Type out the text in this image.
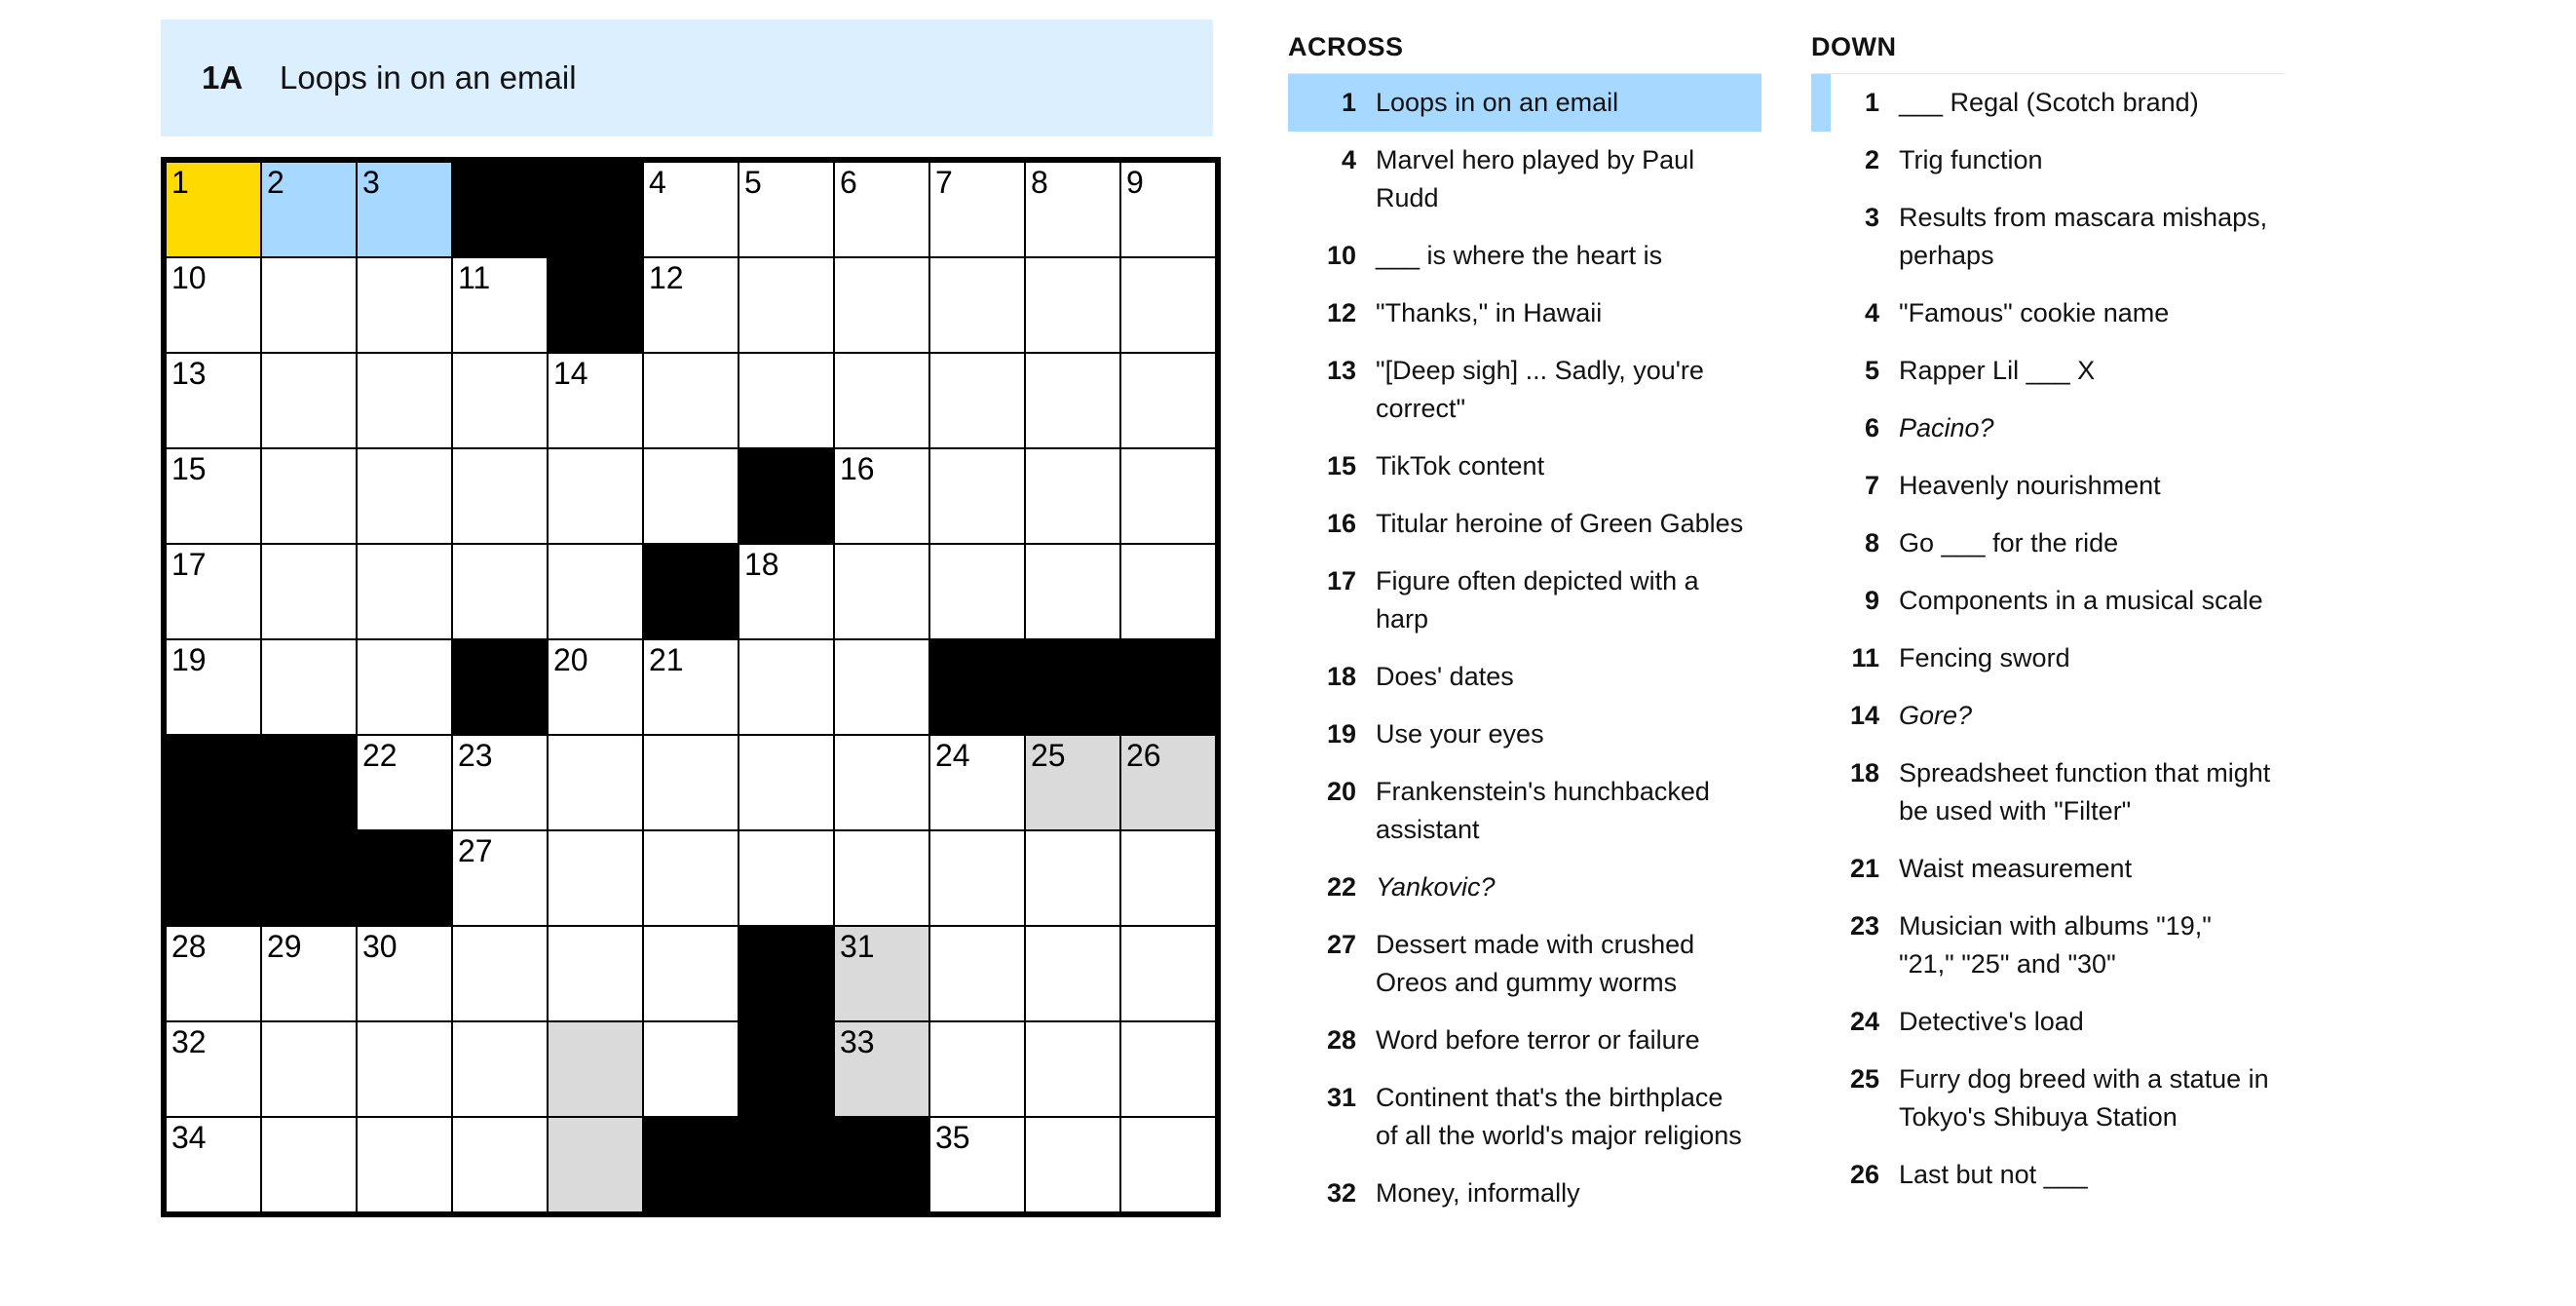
1A	Loops in on an email
1	2	3	4	5	6	7	8	9
10	11	12
13	14
15	16
17	18
19	20 21
22 23	24 25 26
27
28 29 30	31
32	33
34	35
ACROSS
1 Loops in on an email
4 Marvel hero played by Paul Rudd
10 ___ is where the heart is
12 "Thanks," in Hawaii
13 "[Deep sigh] ... Sadly, you're correct"
15 TikTok content
16 Titular heroine of Green Gables
17 Figure often depicted with a harp
18 Does' dates
19 Use your eyes
20 Frankenstein's hunchbacked assistant
22 Yankovic?
27 Dessert made with crushed Oreos and gummy worms
28 Word before terror or failure
31 Continent that's the birthplace of all the world's major religions
32 Money, informally
DOWN
1 ___ Regal (Scotch brand)
2 Trig function
3 Results from mascara mishaps, perhaps
4 "Famous" cookie name
5 Rapper Lil ___ X
6 Pacino?
7 Heavenly nourishment
8 Go ___ for the ride
9 Components in a musical scale
11 Fencing sword
14 Gore?
18 Spreadsheet function that might be used with "Filter"
21 Waist measurement
23 Musician with albums "19," "21," "25" and "30"
24 Detective's load
25 Furry dog breed with a statue in Tokyo's Shibuya Station
26 Last but not ___
